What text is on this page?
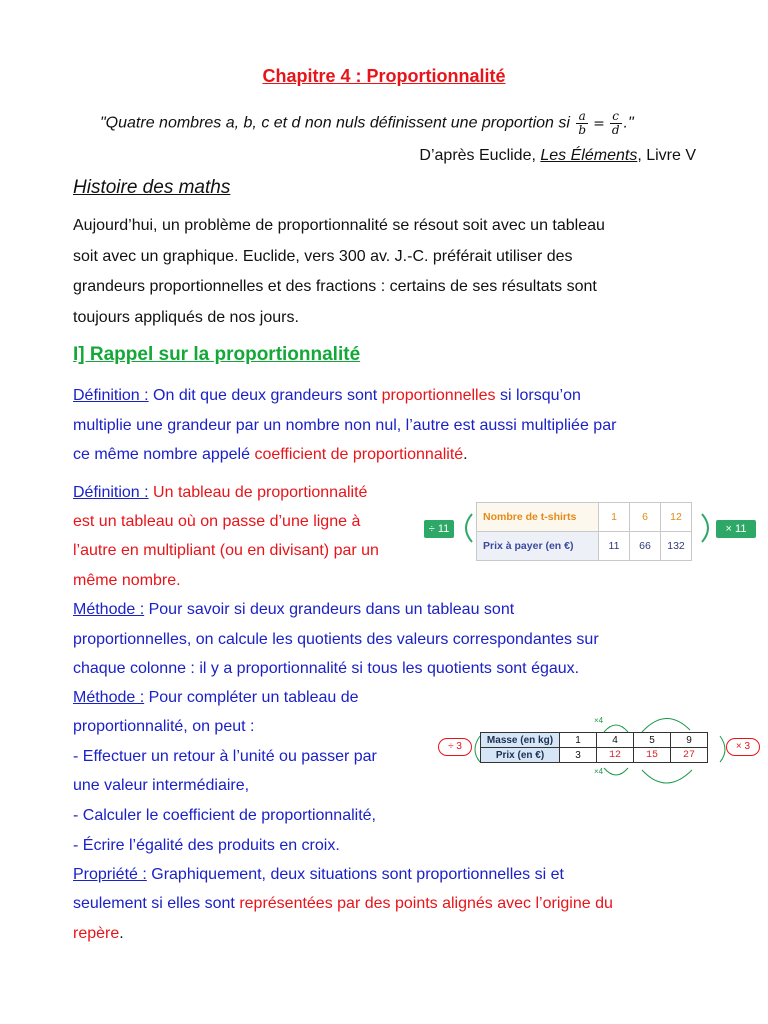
Chapitre 4 : Proportionnalité
"Quatre nombres a, b, c et d non nuls définissent une proportion si $\frac{a}{b} = \frac{c}{d}$ ."
D’après Euclide, Les Éléments, Livre V
Histoire des maths
Aujourd’hui, un problème de proportionnalité se résout soit avec un tableau
soit avec un graphique. Euclide, vers 300 av. J.-C. préférait utiliser des
grandeurs proportionnelles et des fractions : certains de ses résultats sont
toujours appliqués de nos jours.
I] Rappel sur la proportionnalité
Définition : On dit que deux grandeurs sont proportionnelles si lorsqu’on
multiplie une grandeur par un nombre non nul, l’autre est aussi multipliée par
ce même nombre appelé coefficient de proportionnalité.
Définition : Un tableau de proportionnalité
est un tableau où on passe d’une ligne à
l’autre en multipliant (ou en divisant) par un
même nombre.
÷ 11	× 11
Nombre de t-shirts	1	6	12
Prix à payer (en €)	11	66	132
Méthode : Pour savoir si deux grandeurs dans un tableau sont
proportionnelles, on calcule les quotients des valeurs correspondantes sur
chaque colonne : il y a proportionnalité si tous les quotients sont égaux.
Méthode : Pour compléter un tableau de
proportionnalité, on peut :
- Effectuer un retour à l’unité ou passer par
une valeur intermédiaire,
- Calculer le coefficient de proportionnalité,
- Écrire l’égalité des produits en croix.
÷ 3	× 3
×4
×4
Masse (en kg)	1	4	5	9
Prix (en €)	3	12	15	27
Propriété : Graphiquement, deux situations sont proportionnelles si et
seulement si elles sont représentées par des points alignés avec l’origine du
repère.
